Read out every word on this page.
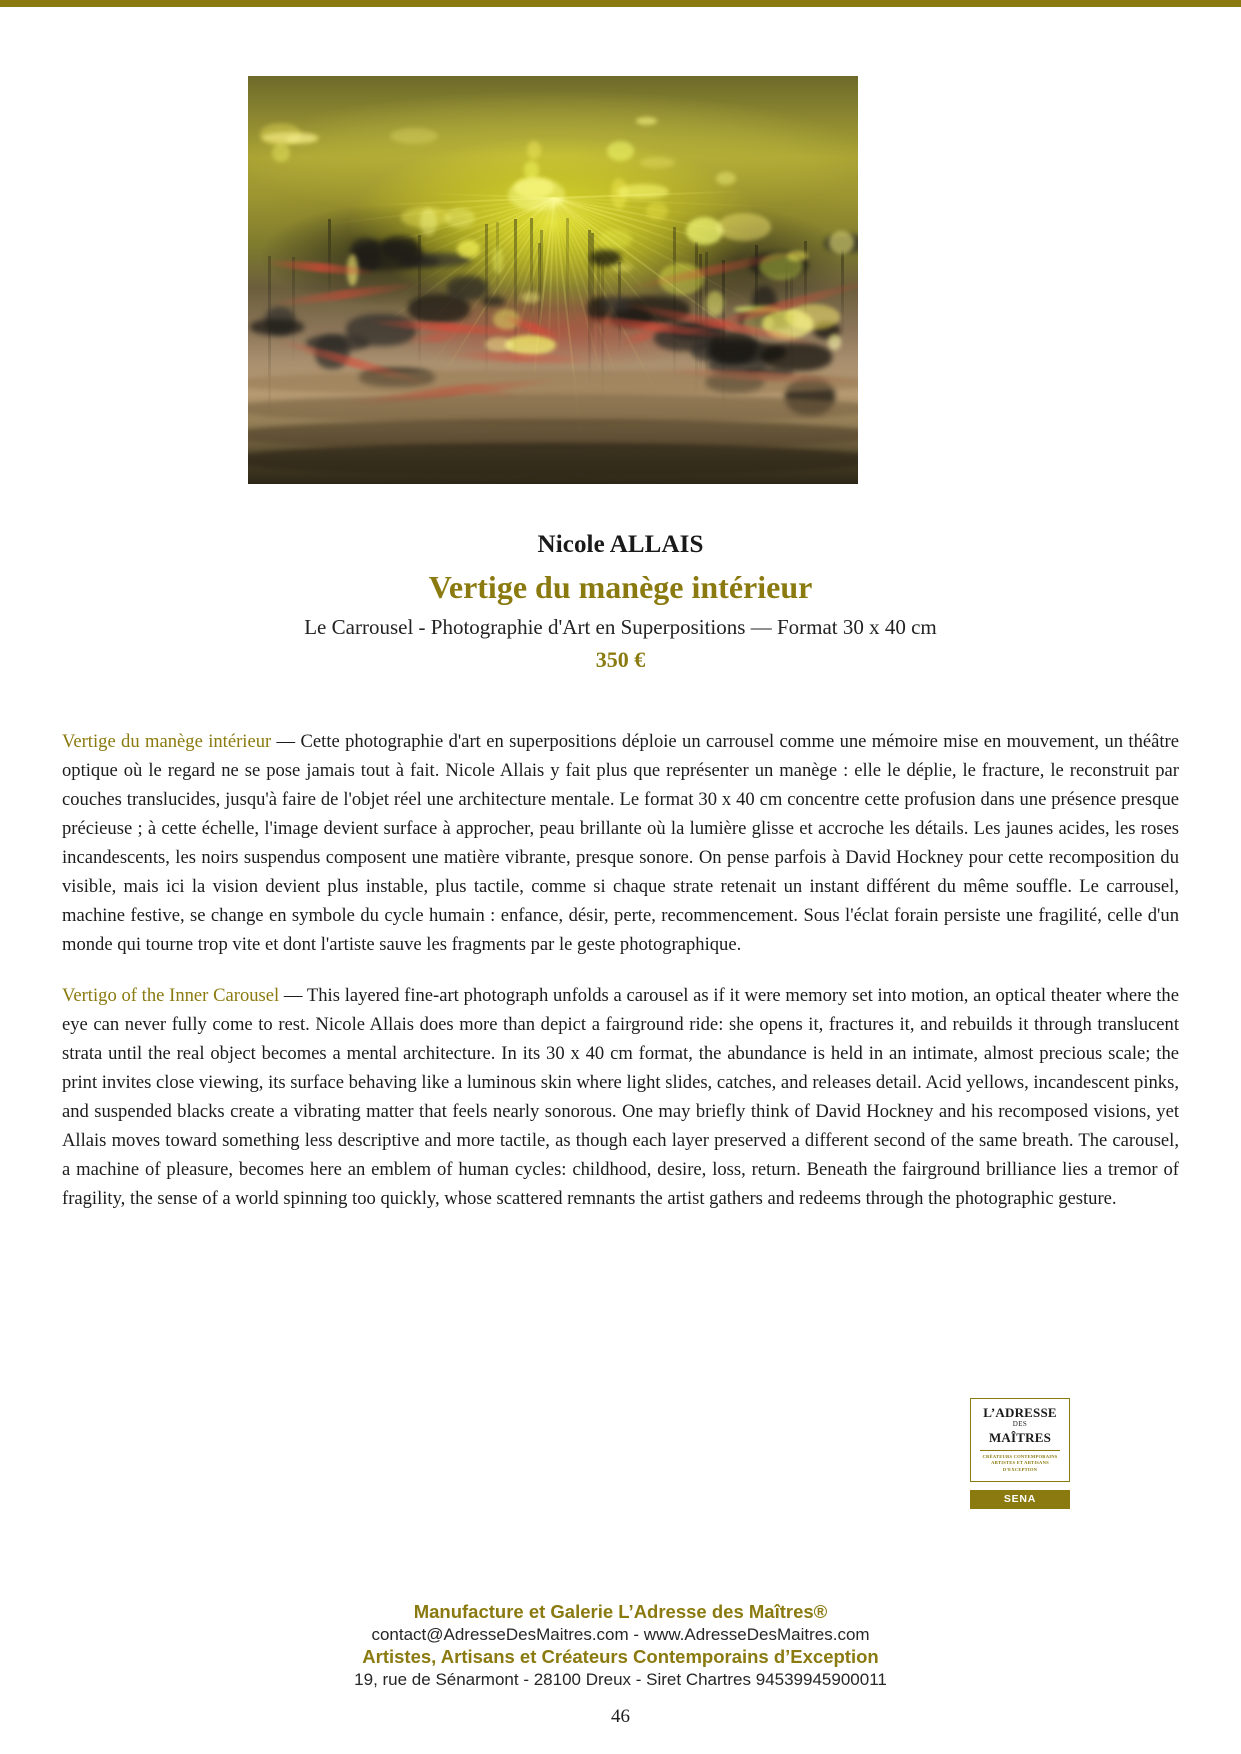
Nicole ALLAIS
Vertige du manège intérieur
Le Carrousel - Photographie d'Art en Superpositions — Format 30 x 40 cm
350 €

Vertige du manège intérieur — Cette photographie d'art en superpositions déploie un carrousel comme une mémoire mise en mouvement, un théâtre optique où le regard ne se pose jamais tout à fait. Nicole Allais y fait plus que représenter un manège : elle le déplie, le fracture, le reconstruit par couches translucides, jusqu'à faire de l'objet réel une architecture mentale. Le format 30 x 40 cm concentre cette profusion dans une présence presque précieuse ; à cette échelle, l'image devient surface à approcher, peau brillante où la lumière glisse et accroche les détails. Les jaunes acides, les roses incandescents, les noirs suspendus composent une matière vibrante, presque sonore. On pense parfois à David Hockney pour cette recomposition du visible, mais ici la vision devient plus instable, plus tactile, comme si chaque strate retenait un instant différent du même souffle. Le carrousel, machine festive, se change en symbole du cycle humain : enfance, désir, perte, recommencement. Sous l'éclat forain persiste une fragilité, celle d'un monde qui tourne trop vite et dont l'artiste sauve les fragments par le geste photographique.

Vertigo of the Inner Carousel — This layered fine-art photograph unfolds a carousel as if it were memory set into motion, an optical theater where the eye can never fully come to rest. Nicole Allais does more than depict a fairground ride: she opens it, fractures it, and rebuilds it through translucent strata until the real object becomes a mental architecture. In its 30 x 40 cm format, the abundance is held in an intimate, almost precious scale; the print invites close viewing, its surface behaving like a luminous skin where light slides, catches, and releases detail. Acid yellows, incandescent pinks, and suspended blacks create a vibrating matter that feels nearly sonorous. One may briefly think of David Hockney and his recomposed visions, yet Allais moves toward something less descriptive and more tactile, as though each layer preserved a different second of the same breath. The carousel, a machine of pleasure, becomes here an emblem of human cycles: childhood, desire, loss, return. Beneath the fairground brilliance lies a tremor of fragility, the sense of a world spinning too quickly, whose scattered remnants the artist gathers and redeems through the photographic gesture.

L’ADRESSE
DES
MAÎTRES
CRÉATEURS CONTEMPORAINS
ARTISTES ET ARTISANS
D’EXCEPTION
SENA
Manufacture et Galerie L’Adresse des Maîtres®
contact@AdresseDesMaitres.com - www.AdresseDesMaitres.com
Artistes, Artisans et Créateurs Contemporains d’Exception
19, rue de Sénarmont - 28100 Dreux - Siret Chartres 94539945900011
46
